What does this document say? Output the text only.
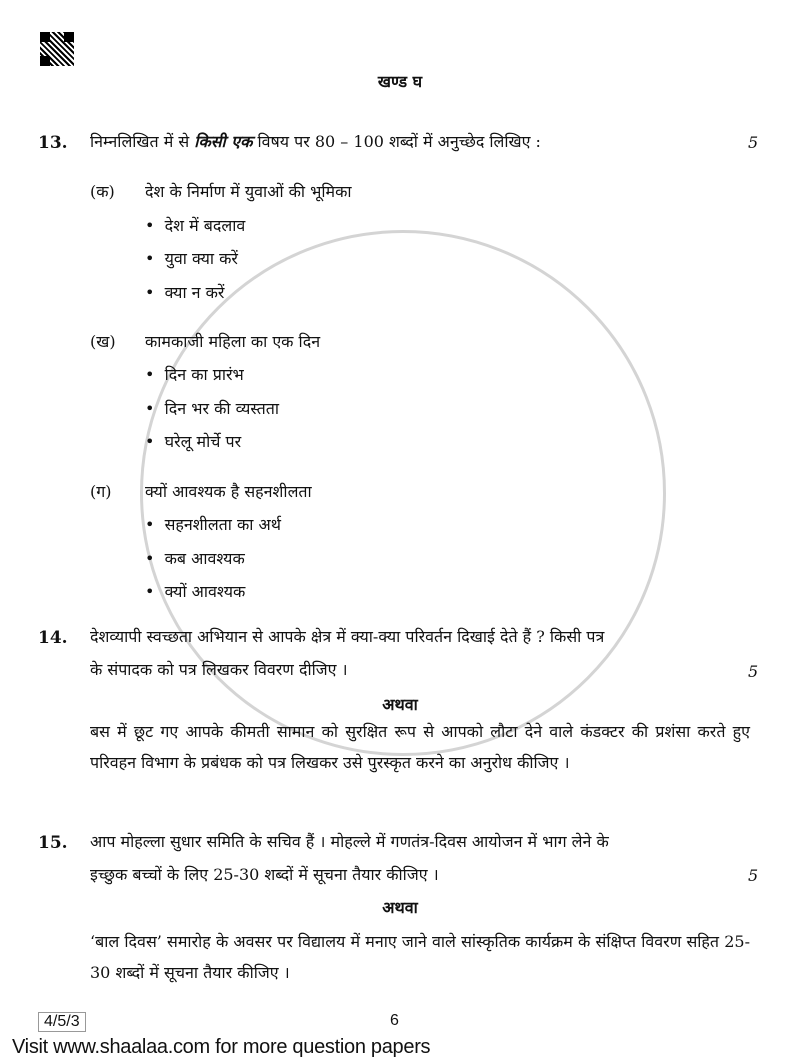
खण्ड घ
13. निम्नलिखित में से किसी एक विषय पर 80 – 100 शब्दों में अनुच्छेद लिखिए :	5
(क) देश के निर्माण में युवाओं की भूमिका
•  देश में बदलाव
•  युवा क्या करें
•  क्या न करें
(ख) कामकाजी महिला का एक दिन
•  दिन का प्रारंभ
•  दिन भर की व्यस्तता
•  घरेलू मोर्चे पर
(ग) क्यों आवश्यक है सहनशीलता
•  सहनशीलता का अर्थ
•  कब आवश्यक
•  क्यों आवश्यक
14. देशव्यापी स्वच्छता अभियान से आपके क्षेत्र में क्या-क्या परिवर्तन दिखाई देते हैं ? किसी पत्र
के संपादक को पत्र लिखकर विवरण दीजिए ।	5
अथवा
बस में छूट गए आपके कीमती सामान को सुरक्षित रूप से आपको लौटा देने वाले कंडक्टर की प्रशंसा करते हुए परिवहन विभाग के प्रबंधक को पत्र लिखकर उसे पुरस्कृत करने का अनुरोध कीजिए ।
15. आप मोहल्ला सुधार समिति के सचिव हैं । मोहल्ले में गणतंत्र-दिवस आयोजन में भाग लेने के
इच्छुक बच्चों के लिए 25-30 शब्दों में सूचना तैयार कीजिए ।	5
अथवा
‘बाल दिवस’ समारोह के अवसर पर विद्यालय में मनाए जाने वाले सांस्कृतिक कार्यक्रम के संक्षिप्त विवरण सहित 25-30 शब्दों में सूचना तैयार कीजिए ।
4/5/3	6
Visit www.shaalaa.com for more question papers
